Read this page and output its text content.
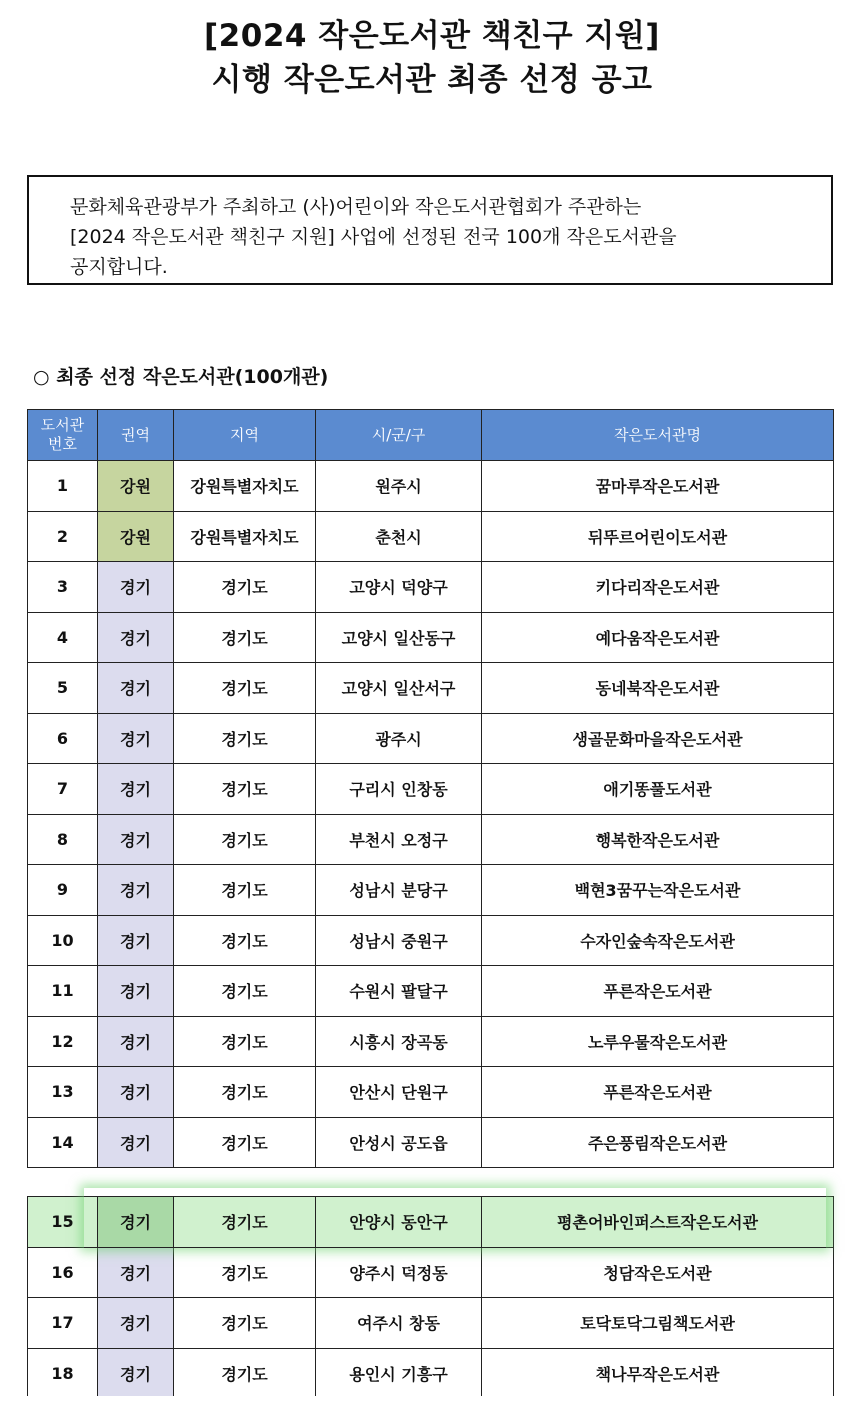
[2024 작은도서관 책친구 지원]
시행 작은도서관 최종 선정 공고
문화체육관광부가 주최하고 (사)어린이와 작은도서관협회가 주관하는
[2024 작은도서관 책친구 지원] 사업에 선정된 전국 100개 작은도서관을
공지합니다.
○ 최종 선정 작은도서관(100개관)
도서관
번호	권역	지역	시/군/구	작은도서관명
1	강원	강원특별자치도	원주시	꿈마루작은도서관
2	강원	강원특별자치도	춘천시	뒤뚜르어린이도서관
3	경기	경기도	고양시 덕양구	키다리작은도서관
4	경기	경기도	고양시 일산동구	예다움작은도서관
5	경기	경기도	고양시 일산서구	동네북작은도서관
6	경기	경기도	광주시	생골문화마을작은도서관
7	경기	경기도	구리시 인창동	애기똥풀도서관
8	경기	경기도	부천시 오정구	행복한작은도서관
9	경기	경기도	성남시 분당구	백현3꿈꾸는작은도서관
10	경기	경기도	성남시 중원구	수자인숲속작은도서관
11	경기	경기도	수원시 팔달구	푸른작은도서관
12	경기	경기도	시흥시 장곡동	노루우물작은도서관
13	경기	경기도	안산시 단원구	푸른작은도서관
14	경기	경기도	안성시 공도읍	주은풍림작은도서관
15	경기	경기도	안양시 동안구	평촌어바인퍼스트작은도서관
16	경기	경기도	양주시 덕정동	청담작은도서관
17	경기	경기도	여주시 창동	토닥토닥그림책도서관
18	경기	경기도	용인시 기흥구	책나무작은도서관
